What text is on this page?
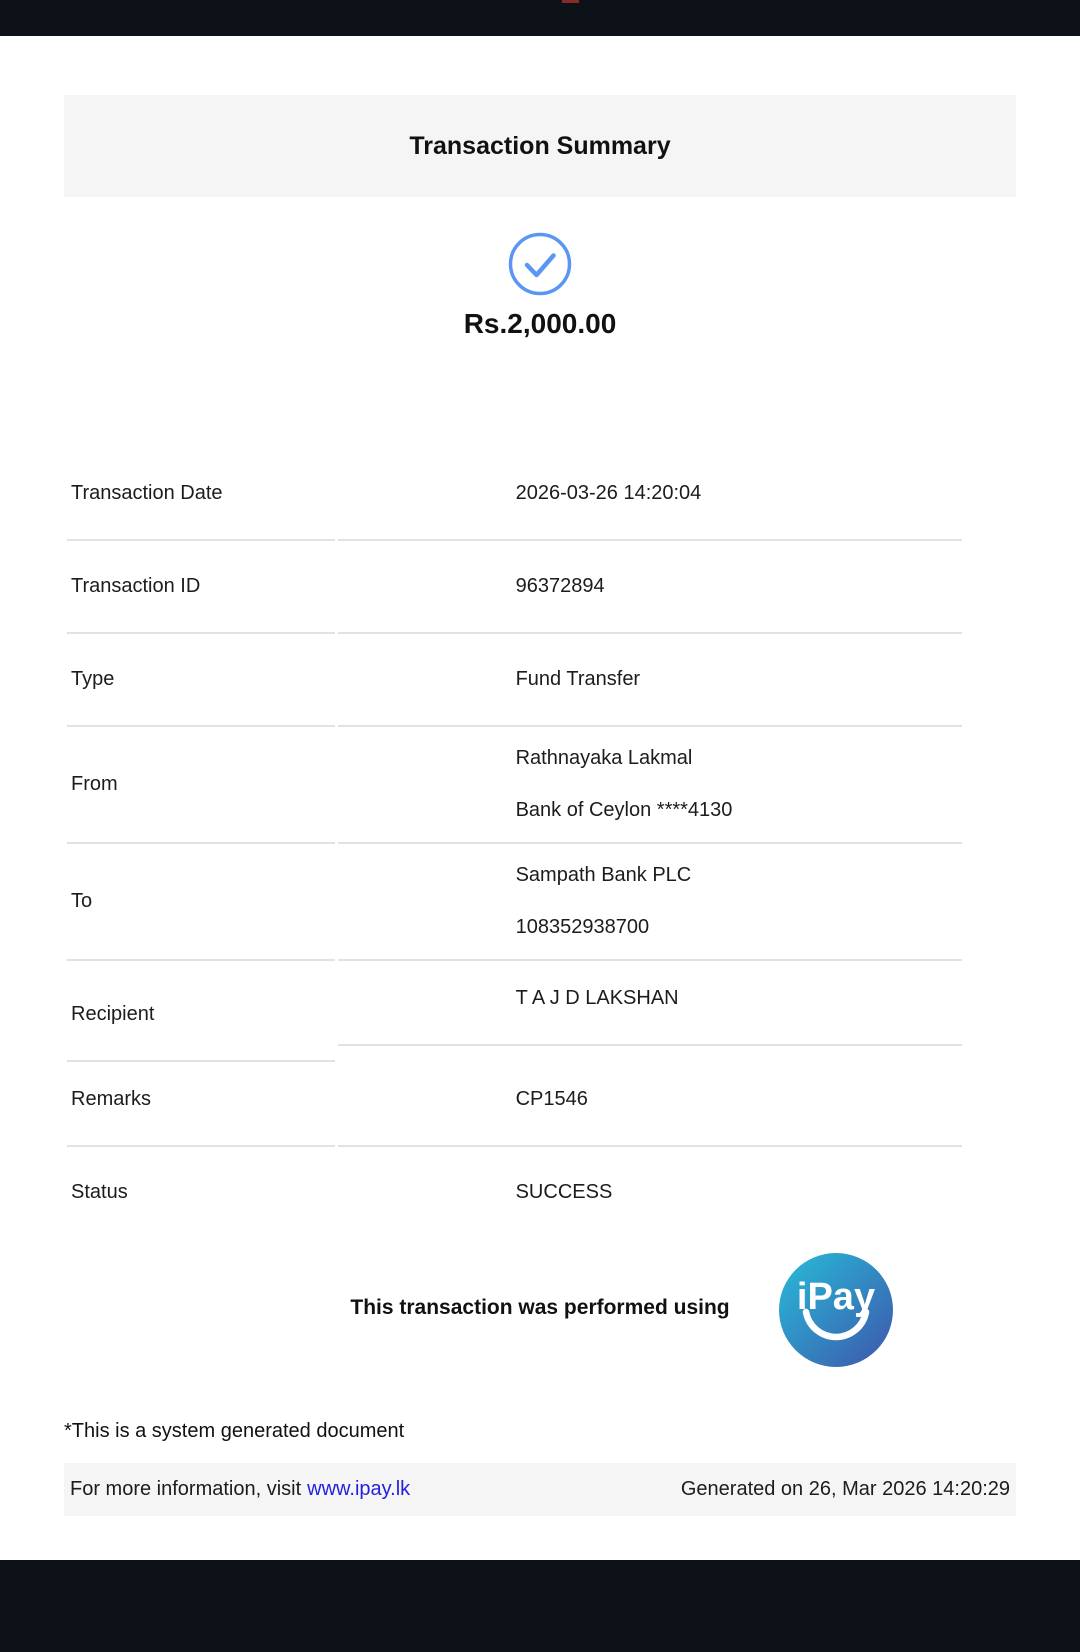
Transaction Summary
Rs.2,000.00
Transaction Date	2026-03-26 14:20:04
Transaction ID	96372894
Type	Fund Transfer
From	Rathnayaka Lakmal
Bank of Ceylon ****4130

To	Sampath Bank PLC
108352938700

Recipient	T A J D LAKSHAN
Remarks	CP1546
Status	SUCCESS
This transaction was performed using	iPay
*This is a system generated document
For more information, visit www.ipay.lk	Generated on 26, Mar 2026 14:20:29
